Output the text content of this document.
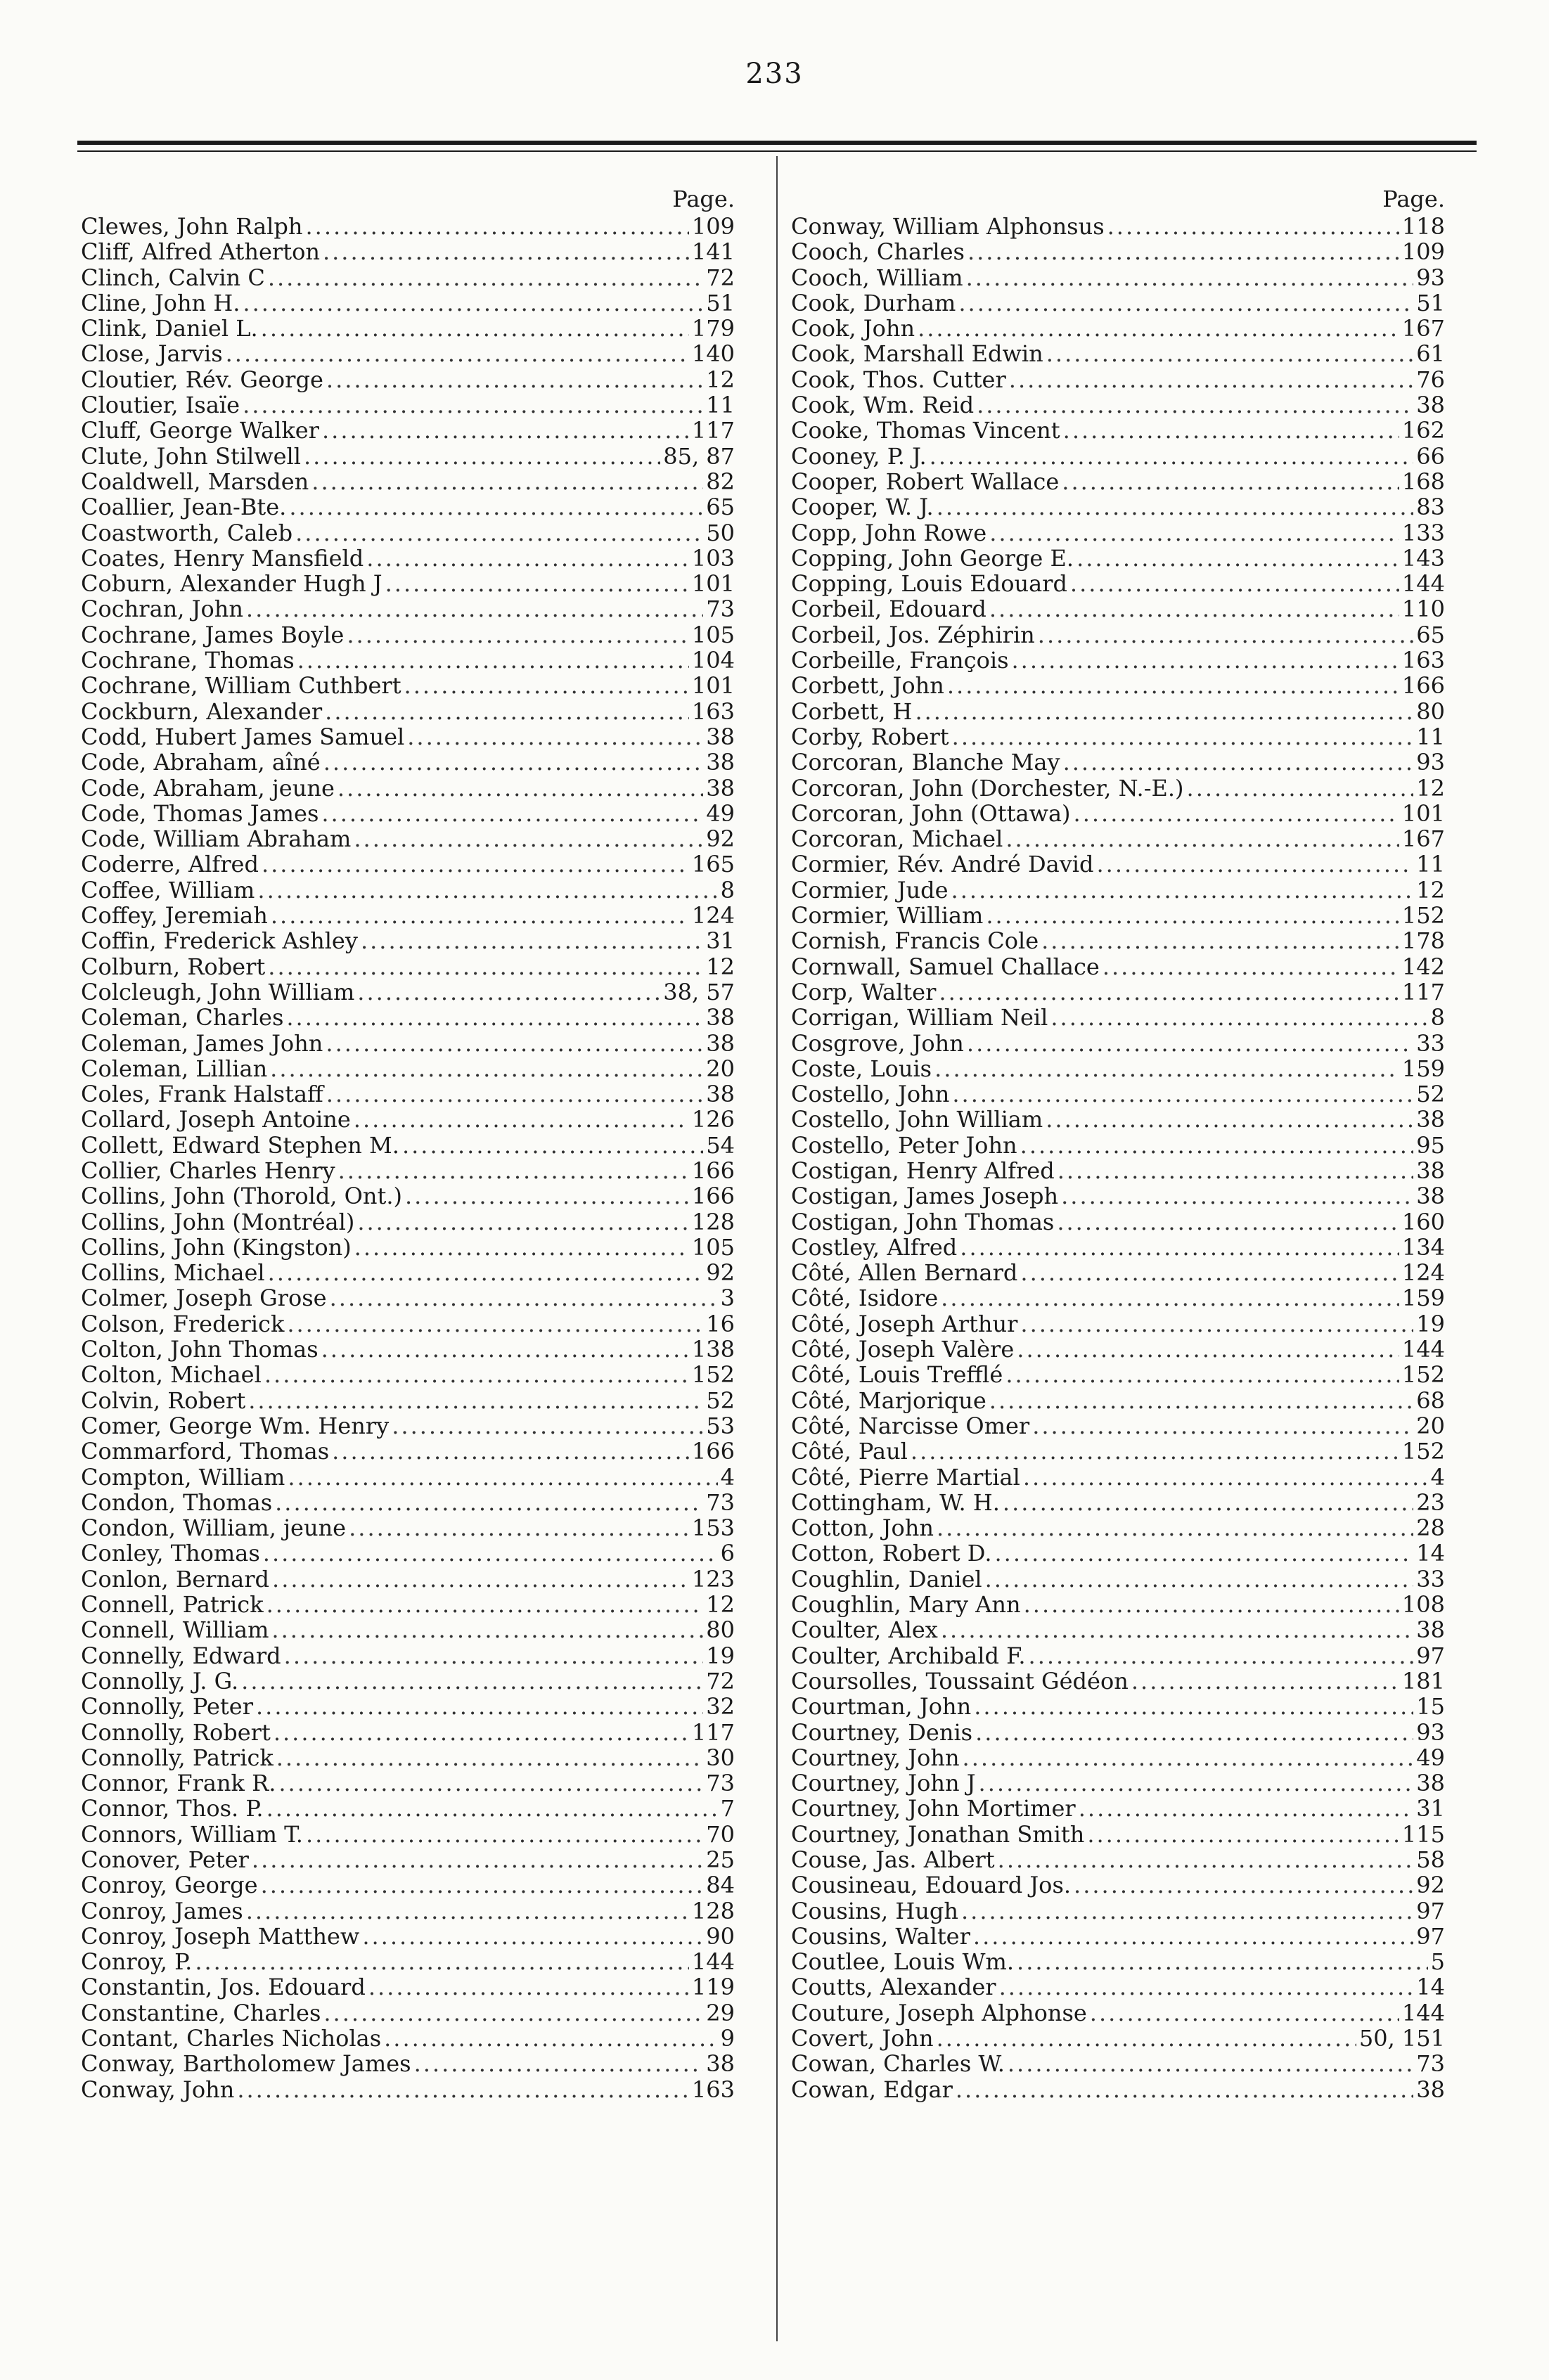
233
Page.
Clewes, John Ralph .....	109
Cliff, Alfred Atherton .....	141
Clinch, Calvin C .....	72
Cline, John H. .....	51
Clink, Daniel L. .....	179
Close, Jarvis .....	140
Cloutier, Rév. George .....	12
Cloutier, Isaïe .....	11
Cluff, George Walker .....	117
Clute, John Stilwell .....	85, 87
Coaldwell, Marsden .....	82
Coallier, Jean-Bte. .....	65
Coastworth, Caleb .....	50
Coates, Henry Mansfield .....	103
Coburn, Alexander Hugh J .....	101
Cochran, John .....	73
Cochrane, James Boyle .....	105
Cochrane, Thomas .....	104
Cochrane, William Cuthbert .....	101
Cockburn, Alexander .....	163
Codd, Hubert James Samuel .....	38
Code, Abraham, aîné .....	38
Code, Abraham, jeune .....	38
Code, Thomas James .....	49
Code, William Abraham .....	92
Coderre, Alfred .....	165
Coffee, William .....	8
Coffey, Jeremiah .....	124
Coffin, Frederick Ashley .....	31
Colburn, Robert .....	12
Colcleugh, John William .....	38, 57
Coleman, Charles .....	38
Coleman, James John .....	38
Coleman, Lillian .....	20
Coles, Frank Halstaff .....	38
Collard, Joseph Antoine .....	126
Collett, Edward Stephen M. .....	54
Collier, Charles Henry .....	166
Collins, John (Thorold, Ont.) .....	166
Collins, John (Montréal) .....	128
Collins, John (Kingston) .....	105
Collins, Michael .....	92
Colmer, Joseph Grose .....	3
Colson, Frederick .....	16
Colton, John Thomas .....	138
Colton, Michael .....	152
Colvin, Robert .....	52
Comer, George Wm. Henry .....	53
Commarford, Thomas .....	166
Compton, William .....	4
Condon, Thomas .....	73
Condon, William, jeune .....	153
Conley, Thomas .....	6
Conlon, Bernard .....	123
Connell, Patrick .....	12
Connell, William .....	80
Connelly, Edward .....	19
Connolly, J. G. .....	72
Connolly, Peter .....	32
Connolly, Robert .....	117
Connolly, Patrick .....	30
Connor, Frank R. .....	73
Connor, Thos. P. .....	7
Connors, William T. .....	70
Conover, Peter .....	25
Conroy, George .....	84
Conroy, James .....	128
Conroy, Joseph Matthew .....	90
Conroy, P. .....	144
Constantin, Jos. Edouard .....	119
Constantine, Charles .....	29
Contant, Charles Nicholas .....	9
Conway, Bartholomew James .....	38
Conway, John .....	163
Page.
Conway, William Alphonsus .....	118
Cooch, Charles .....	109
Cooch, William .....	93
Cook, Durham .....	51
Cook, John .....	167
Cook, Marshall Edwin .....	61
Cook, Thos. Cutter .....	76
Cook, Wm. Reid .....	38
Cooke, Thomas Vincent .....	162
Cooney, P. J. .....	66
Cooper, Robert Wallace .....	168
Cooper, W. J. .....	83
Copp, John Rowe .....	133
Copping, John George E. .....	143
Copping, Louis Edouard .....	144
Corbeil, Edouard .....	110
Corbeil, Jos. Zéphirin .....	65
Corbeille, François .....	163
Corbett, John .....	166
Corbett, H .....	80
Corby, Robert .....	11
Corcoran, Blanche May .....	93
Corcoran, John (Dorchester, N.-E.) .....	12
Corcoran, John (Ottawa) .....	101
Corcoran, Michael .....	167
Cormier, Rév. André David .....	11
Cormier, Jude .....	12
Cormier, William .....	152
Cornish, Francis Cole .....	178
Cornwall, Samuel Challace .....	142
Corp, Walter .....	117
Corrigan, William Neil .....	8
Cosgrove, John .....	33
Coste, Louis .....	159
Costello, John .....	52
Costello, John William .....	38
Costello, Peter John .....	95
Costigan, Henry Alfred .....	38
Costigan, James Joseph .....	38
Costigan, John Thomas .....	160
Costley, Alfred .....	134
Côté, Allen Bernard .....	124
Côté, Isidore .....	159
Côté, Joseph Arthur .....	19
Côté, Joseph Valère .....	144
Côté, Louis Trefflé .....	152
Côté, Marjorique .....	68
Côté, Narcisse Omer .....	20
Côté, Paul .....	152
Côté, Pierre Martial .....	4
Cottingham, W. H. .....	23
Cotton, John .....	28
Cotton, Robert D. .....	14
Coughlin, Daniel .....	33
Coughlin, Mary Ann .....	108
Coulter, Alex .....	38
Coulter, Archibald F. .....	97
Coursolles, Toussaint Gédéon .....	181
Courtman, John .....	15
Courtney, Denis .....	93
Courtney, John .....	49
Courtney, John J .....	38
Courtney, John Mortimer .....	31
Courtney, Jonathan Smith .....	115
Couse, Jas. Albert .....	58
Cousineau, Edouard Jos. .....	92
Cousins, Hugh .....	97
Cousins, Walter .....	97
Coutlee, Louis Wm. .....	5
Coutts, Alexander .....	14
Couture, Joseph Alphonse .....	144
Covert, John .....	50, 151
Cowan, Charles W. .....	73
Cowan, Edgar .....	38
